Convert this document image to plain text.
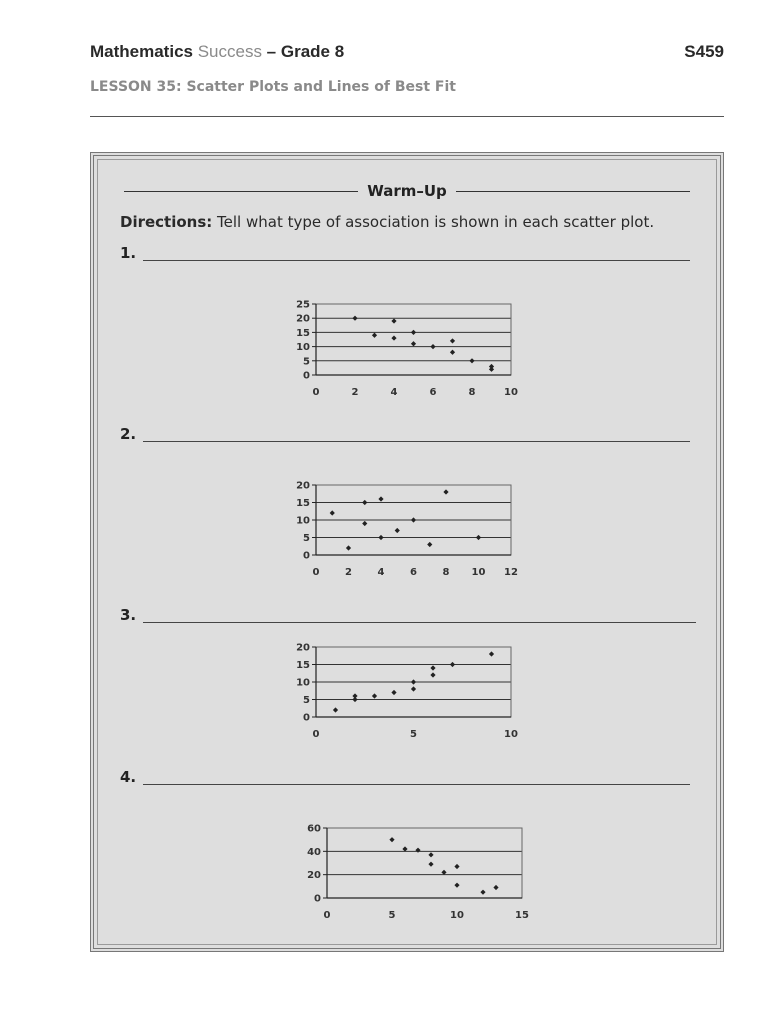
Mathematics Success – Grade 8	S459
LESSON 35: Scatter Plots and Lines of Best Fit
Warm–Up
Directions: Tell what type of association is shown in each scatter plot.
1.
2.
3.
4.
0
5
10
15
20
25
0	2	4	6	8	10
0
5
10
15
20
0	2	4	6	8 10 12
0
5
10
15
20
0	5	10
0
20
40
60
0	5	10	15
